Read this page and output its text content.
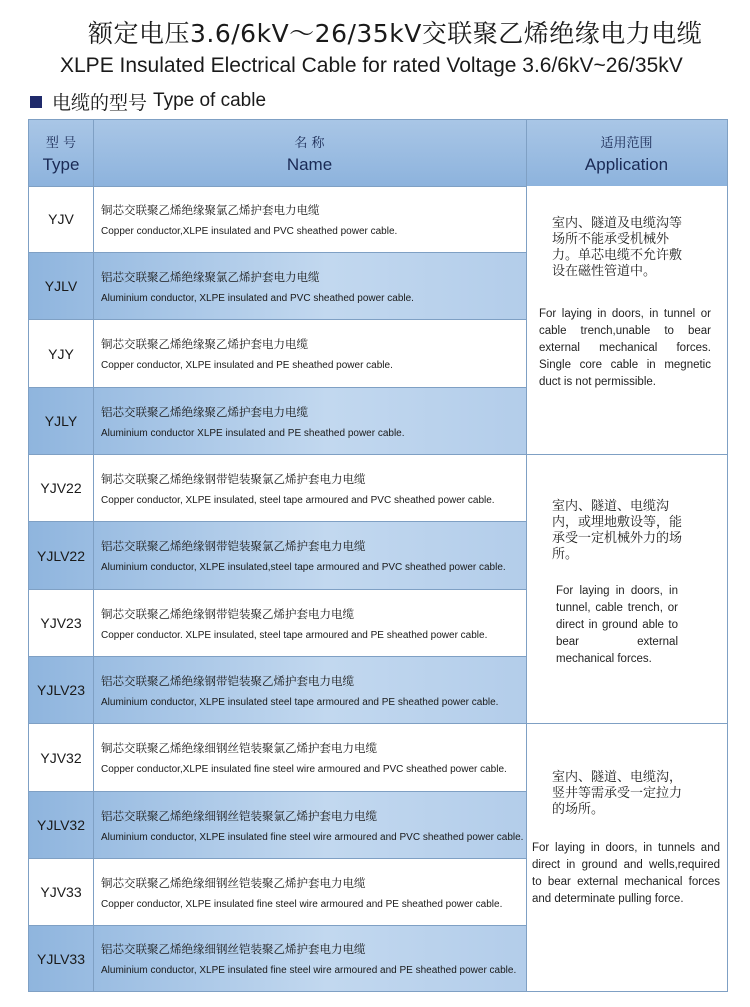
额定电压3.6/6kV～26/35kV交联聚乙烯绝缘电力电缆
XLPE Insulated Electrical Cable for rated Voltage 3.6/6kV~26/35kV
电缆的型号 Type of cable
型 号
Type
名 称
Name
适用范围
Application
YJV
铜芯交联聚乙烯绝缘聚氯乙烯护套电力电缆
Copper conductor,XLPE insulated and PVC sheathed power cable.
YJLV
铝芯交联聚乙烯绝缘聚氯乙烯护套电力电缆
Aluminium conductor, XLPE insulated and PVC sheathed power cable.
YJY
铜芯交联聚乙烯绝缘聚乙烯护套电力电缆
Copper conductor, XLPE insulated and PE sheathed power cable.
YJLY
铝芯交联聚乙烯绝缘聚乙烯护套电力电缆
Aluminium conductor XLPE insulated and PE sheathed power cable.
YJV22
铜芯交联聚乙烯绝缘钢带铠装聚氯乙烯护套电力电缆
Copper conductor, XLPE insulated, steel tape armoured and PVC sheathed power cable.
YJLV22
铝芯交联聚乙烯绝缘钢带铠装聚氯乙烯护套电力电缆
Aluminium conductor, XLPE insulated,steel tape armoured and PVC sheathed power cable.
YJV23
铜芯交联聚乙烯绝缘钢带铠装聚乙烯护套电力电缆
Copper conductor. XLPE insulated, steel tape armoured and PE sheathed power cable.
YJLV23
铝芯交联聚乙烯绝缘钢带铠装聚乙烯护套电力电缆
Aluminium conductor, XLPE insulated steel tape armoured and PE sheathed power cable.
YJV32
铜芯交联聚乙烯绝缘细钢丝铠装聚氯乙烯护套电力电缆
Copper conductor,XLPE insulated fine steel wire armoured and PVC sheathed power cable.
YJLV32
铝芯交联聚乙烯绝缘细钢丝铠装聚氯乙烯护套电力电缆
Aluminium conductor, XLPE insulated fine steel wire armoured and PVC sheathed power cable.
YJV33
铜芯交联聚乙烯绝缘细钢丝铠装聚乙烯护套电力电缆
Copper conductor, XLPE insulated fine steel wire armoured and PE sheathed power cable.
YJLV33
铝芯交联聚乙烯绝缘细钢丝铠装聚乙烯护套电力电缆
Aluminium conductor, XLPE insulated fine steel wire armoured and PE sheathed power cable.
室内、隧道及电缆沟等场所不能承受机械外力。单芯电缆不允许敷设在磁性管道中。
For laying in doors, in tunnel or cable trench,unable to bear external mechanical forces. Single core cable in megnetic duct is not permissible.
室内、隧道、电缆沟内，或埋地敷设等，能承受一定机械外力的场所。
For laying in doors, in tunnel, cable trench, or direct in ground able to bear external mechanical forces.
室内、隧道、电缆沟，竖井等需承受一定拉力的场所。
For laying in doors, in tunnels and direct in ground and wells,required to bear external mechanical forces and determinate pulling force.
